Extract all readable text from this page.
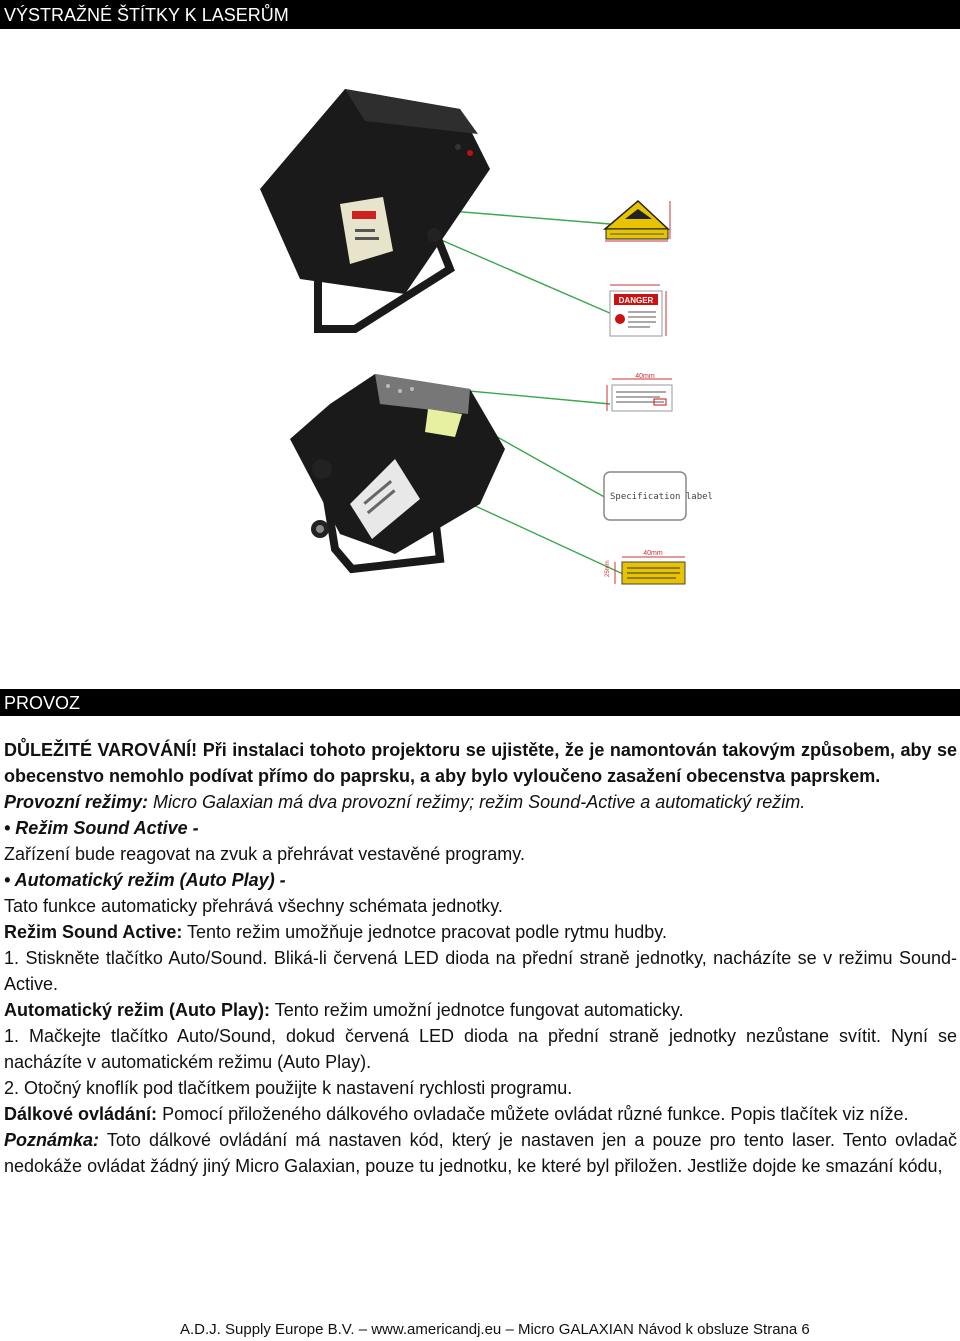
VÝSTRAŽNÉ ŠTÍTKY K LASERŮM
DANGER
40mm
Specification label
40mm
25mm
PROVOZ

DŮLEŽITÉ VAROVÁNÍ! Při instalaci tohoto projektoru se ujistěte, že je namontován takovým způsobem, aby se obecenstvo nemohlo podívat přímo do paprsku, a aby bylo vyloučeno zasažení obecenstva paprskem.

Provozní režimy: Micro Galaxian má dva provozní režimy; režim Sound-Active a automatický režim.

• Režim Sound Active -

Zařízení bude reagovat na zvuk a přehrávat vestavěné programy.

• Automatický režim (Auto Play) -

Tato funkce automaticky přehrává všechny schémata jednotky.

Režim Sound Active: Tento režim umožňuje jednotce pracovat podle rytmu hudby.

1. Stiskněte tlačítko Auto/Sound. Bliká-li červená LED dioda na přední straně jednotky, nacházíte se v režimu Sound-Active.

Automatický režim (Auto Play): Tento režim umožní jednotce fungovat automaticky.

1. Mačkejte tlačítko Auto/Sound, dokud červená LED dioda na přední straně jednotky nezůstane svítit. Nyní se nacházíte v automatickém režimu (Auto Play).

2. Otočný knoflík pod tlačítkem použijte k nastavení rychlosti programu.

Dálkové ovládání: Pomocí přiloženého dálkového ovladače můžete ovládat různé funkce. Popis tlačítek viz níže.

Poznámka: Toto dálkové ovládání má nastaven kód, který je nastaven jen a pouze pro tento laser. Tento ovladač nedokáže ovládat žádný jiný Micro Galaxian, pouze tu jednotku, ke které byl přiložen. Jestliže dojde ke smazání kódu,

A.D.J. Supply Europe B.V. – www.americandj.eu – Micro GALAXIAN Návod k obsluze Strana 6
